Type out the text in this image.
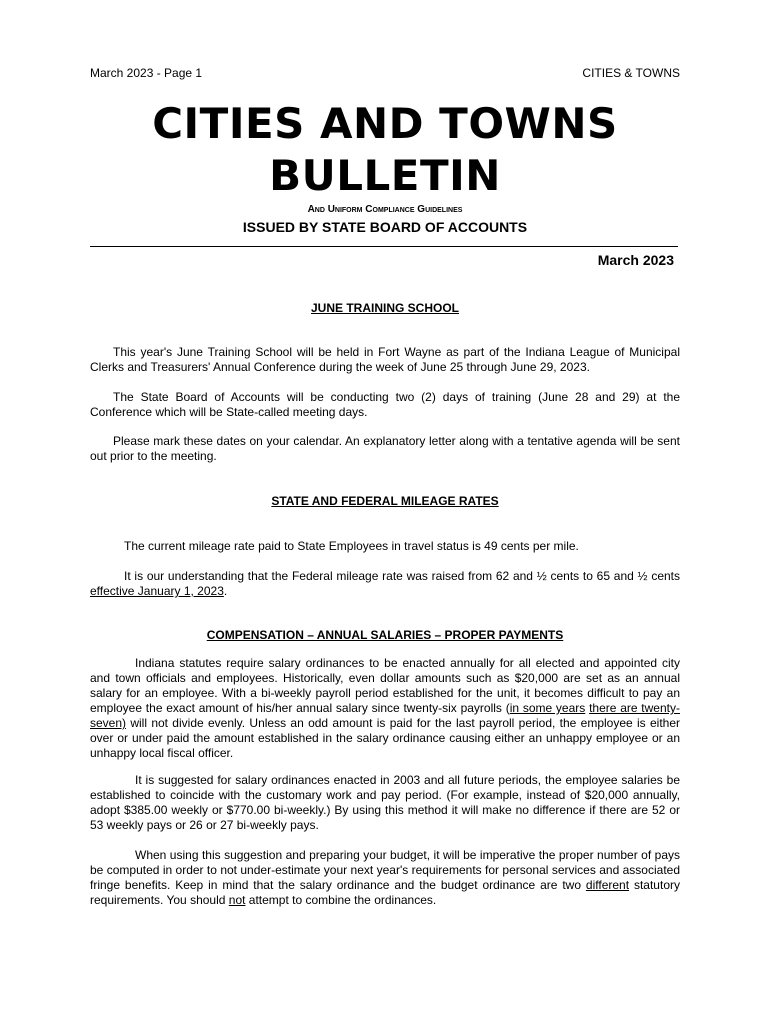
March 2023 - Page 1	CITIES & TOWNS
CITIES AND TOWNS
BULLETIN
And Uniform Compliance Guidelines
ISSUED BY STATE BOARD OF ACCOUNTS
March 2023
JUNE TRAINING SCHOOL

This year's June Training School will be held in Fort Wayne as part of the Indiana League of Municipal Clerks and Treasurers' Annual Conference during the week of June 25 through June 29, 2023.

The State Board of Accounts will be conducting two (2) days of training (June 28 and 29) at the Conference which will be State-called meeting days.

Please mark these dates on your calendar. An explanatory letter along with a tentative agenda will be sent out prior to the meeting.

STATE AND FEDERAL MILEAGE RATES

The current mileage rate paid to State Employees in travel status is 49 cents per mile.

It is our understanding that the Federal mileage rate was raised from 62 and ½ cents to 65 and ½ cents effective January 1, 2023.

COMPENSATION – ANNUAL SALARIES – PROPER PAYMENTS

Indiana statutes require salary ordinances to be enacted annually for all elected and appointed city and town officials and employees. Historically, even dollar amounts such as $20,000 are set as an annual salary for an employee. With a bi-weekly payroll period established for the unit, it becomes difficult to pay an employee the exact amount of his/her annual salary since twenty-six payrolls (in some years there are twenty-seven) will not divide evenly. Unless an odd amount is paid for the last payroll period, the employee is either over or under paid the amount established in the salary ordinance causing either an unhappy employee or an unhappy local fiscal officer.

It is suggested for salary ordinances enacted in 2003 and all future periods, the employee salaries be established to coincide with the customary work and pay period. (For example, instead of $20,000 annually, adopt $385.00 weekly or $770.00 bi-weekly.) By using this method it will make no difference if there are 52 or 53 weekly pays or 26 or 27 bi-weekly pays.

When using this suggestion and preparing your budget, it will be imperative the proper number of pays be computed in order to not under-estimate your next year's requirements for personal services and associated fringe benefits. Keep in mind that the salary ordinance and the budget ordinance are two different statutory requirements. You should not attempt to combine the ordinances.
